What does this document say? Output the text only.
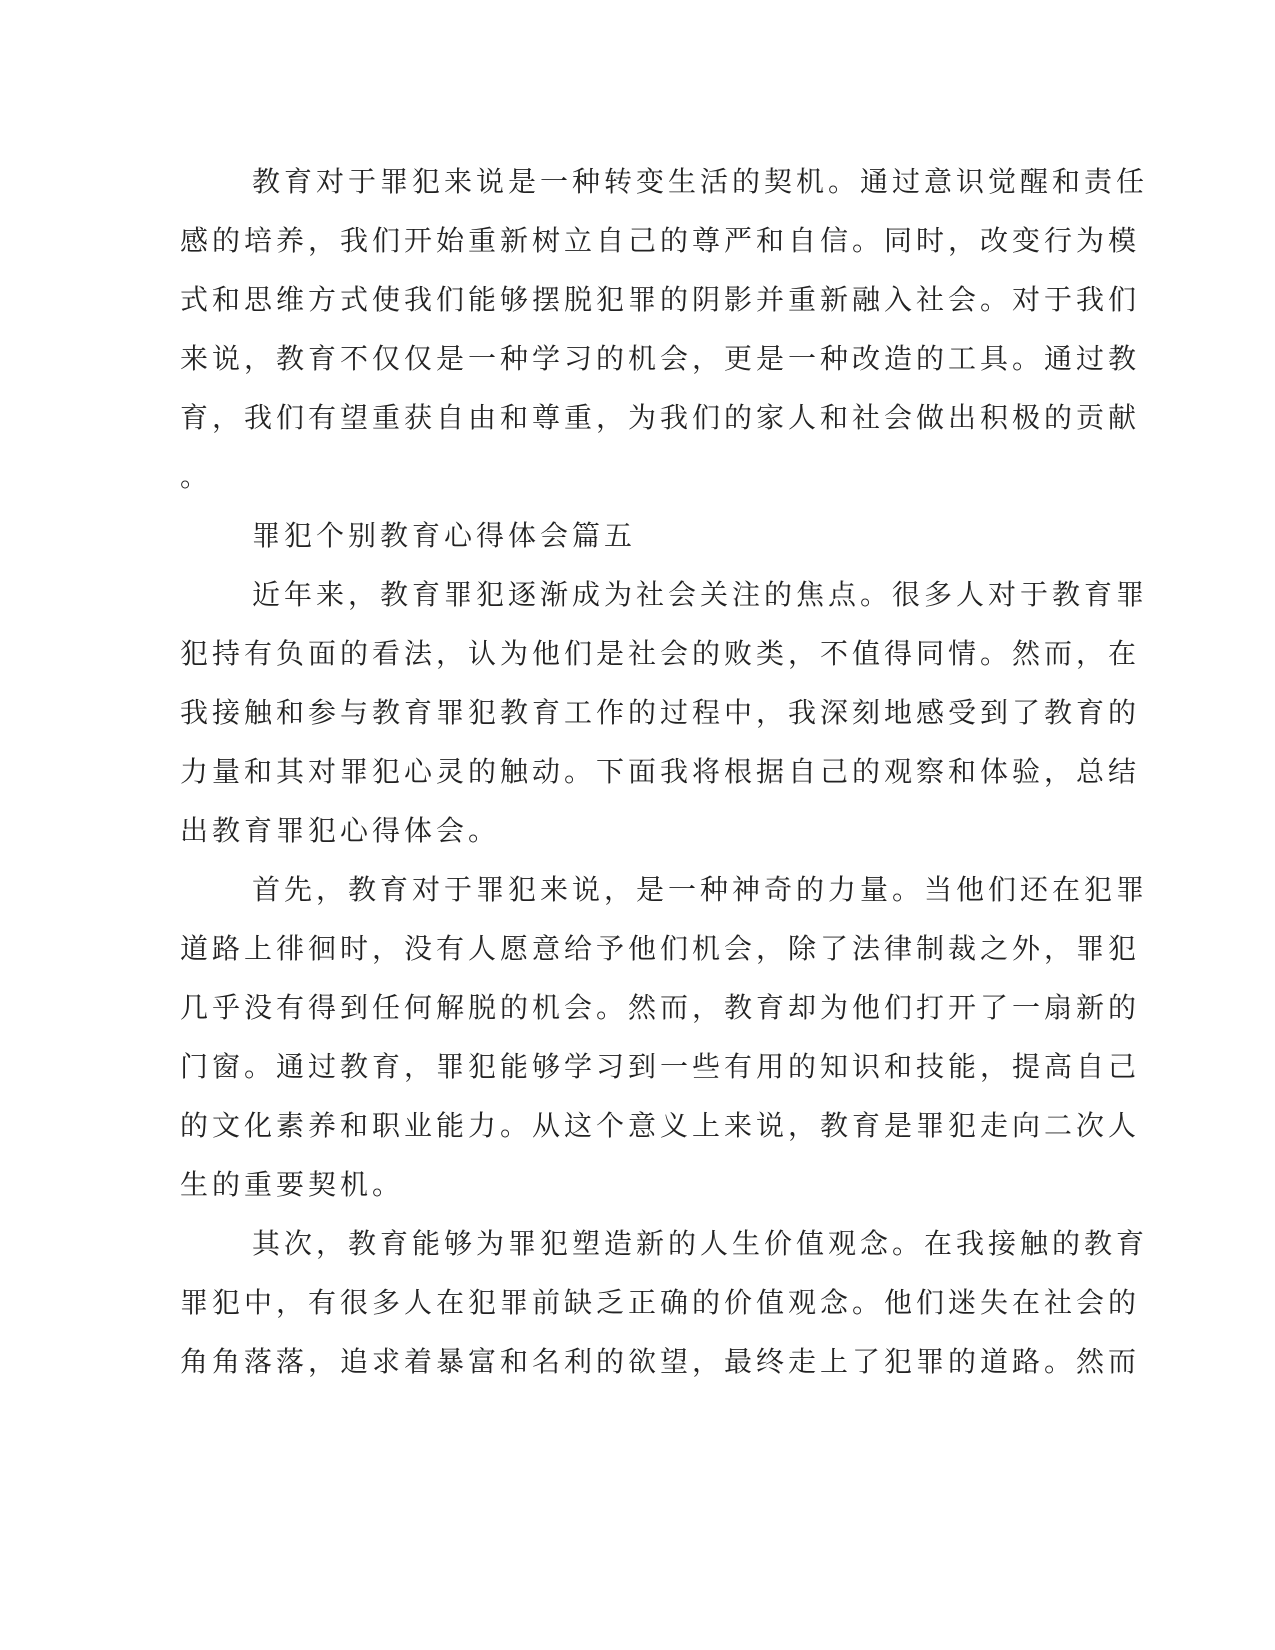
教育对于罪犯来说是一种转变生活的契机。通过意识觉醒和责任
感的培养，我们开始重新树立自己的尊严和自信。同时，改变行为模
式和思维方式使我们能够摆脱犯罪的阴影并重新融入社会。对于我们
来说，教育不仅仅是一种学习的机会，更是一种改造的工具。通过教
育，我们有望重获自由和尊重，为我们的家人和社会做出积极的贡献
。
罪犯个别教育心得体会篇五
近年来，教育罪犯逐渐成为社会关注的焦点。很多人对于教育罪
犯持有负面的看法，认为他们是社会的败类，不值得同情。然而，在
我接触和参与教育罪犯教育工作的过程中，我深刻地感受到了教育的
力量和其对罪犯心灵的触动。下面我将根据自己的观察和体验，总结
出教育罪犯心得体会。
首先，教育对于罪犯来说，是一种神奇的力量。当他们还在犯罪
道路上徘徊时，没有人愿意给予他们机会，除了法律制裁之外，罪犯
几乎没有得到任何解脱的机会。然而，教育却为他们打开了一扇新的
门窗。通过教育，罪犯能够学习到一些有用的知识和技能，提高自己
的文化素养和职业能力。从这个意义上来说，教育是罪犯走向二次人
生的重要契机。
其次，教育能够为罪犯塑造新的人生价值观念。在我接触的教育
罪犯中，有很多人在犯罪前缺乏正确的价值观念。他们迷失在社会的
角角落落，追求着暴富和名利的欲望，最终走上了犯罪的道路。然而
